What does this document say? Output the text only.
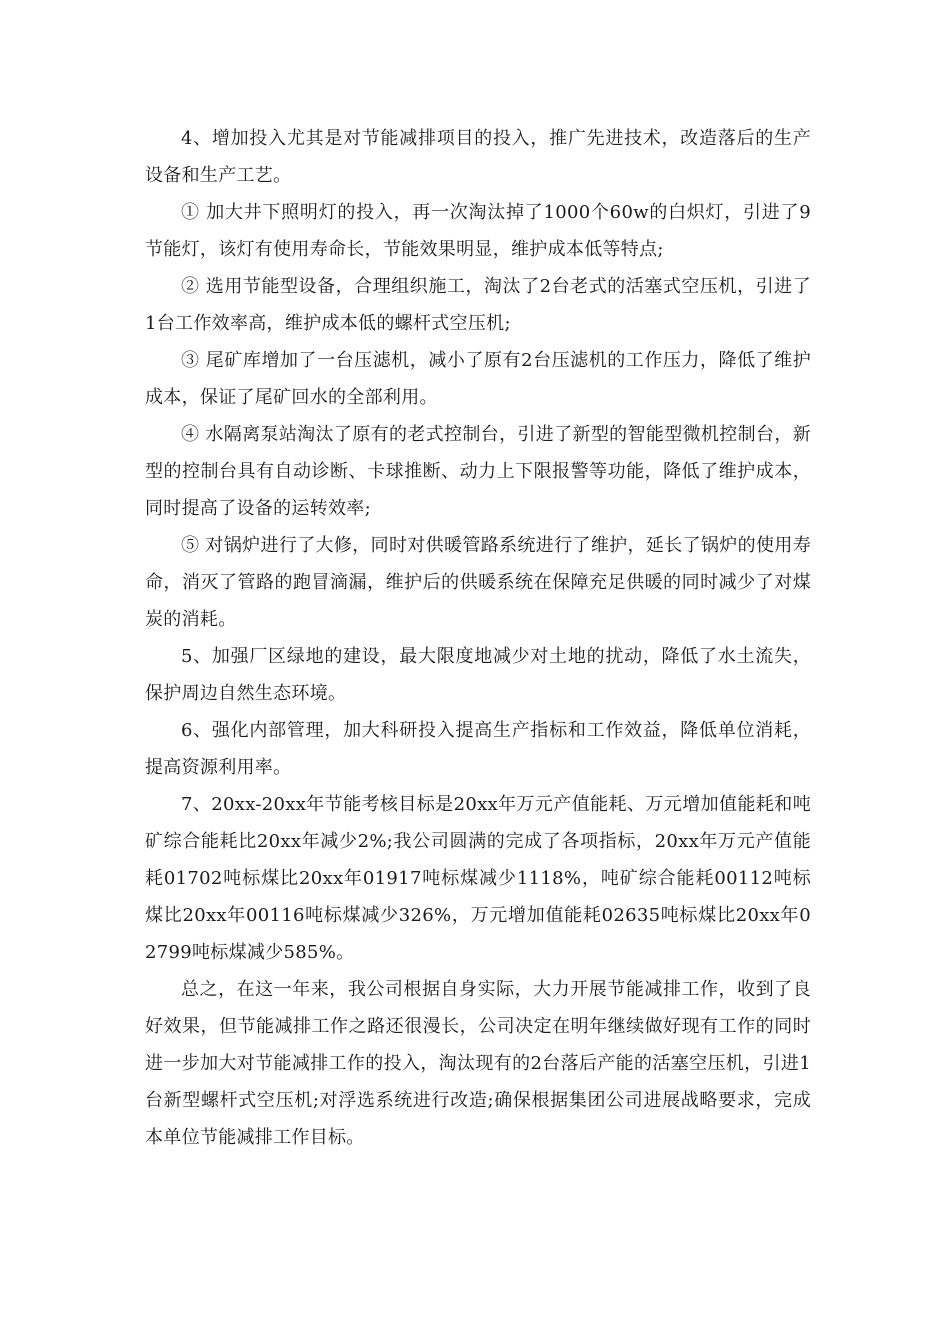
4、增加投入尤其是对节能减排项目的投入，推广先进技术，改造落后的生产设备和生产工艺。

① 加大井下照明灯的投入，再一次淘汰掉了1000个60w的白炽灯，引进了9节能灯，该灯有使用寿命长，节能效果明显，维护成本低等特点;

② 选用节能型设备，合理组织施工，淘汰了2台老式的活塞式空压机，引进了1台工作效率高，维护成本低的螺杆式空压机;

③ 尾矿库增加了一台压滤机，减小了原有2台压滤机的工作压力，降低了维护成本，保证了尾矿回水的全部利用。

④ 水隔离泵站淘汰了原有的老式控制台，引进了新型的智能型微机控制台，新型的控制台具有自动诊断、卡球推断、动力上下限报警等功能，降低了维护成本，同时提高了设备的运转效率;

⑤ 对锅炉进行了大修，同时对供暖管路系统进行了维护，延长了锅炉的使用寿命，消灭了管路的跑冒滴漏，维护后的供暖系统在保障充足供暖的同时减少了对煤炭的消耗。

5、加强厂区绿地的建设，最大限度地减少对土地的扰动，降低了水土流失，保护周边自然生态环境。

6、强化内部管理，加大科研投入提高生产指标和工作效益，降低单位消耗，提高资源利用率。

7、20xx-20xx年节能考核目标是20xx年万元产值能耗、万元增加值能耗和吨矿综合能耗比20xx年减少2%;我公司圆满的完成了各项指标，20xx年万元产值能耗01702吨标煤比20xx年01917吨标煤减少1118%，吨矿综合能耗00112吨标煤比20xx年00116吨标煤减少326%，万元增加值能耗02635吨标煤比20xx年02799吨标煤减少585%。

总之，在这一年来，我公司根据自身实际，大力开展节能减排工作，收到了良好效果，但节能减排工作之路还很漫长，公司决定在明年继续做好现有工作的同时进一步加大对节能减排工作的投入，淘汰现有的2台落后产能的活塞空压机，引进1台新型螺杆式空压机;对浮选系统进行改造;确保根据集团公司进展战略要求，完成本单位节能减排工作目标。
